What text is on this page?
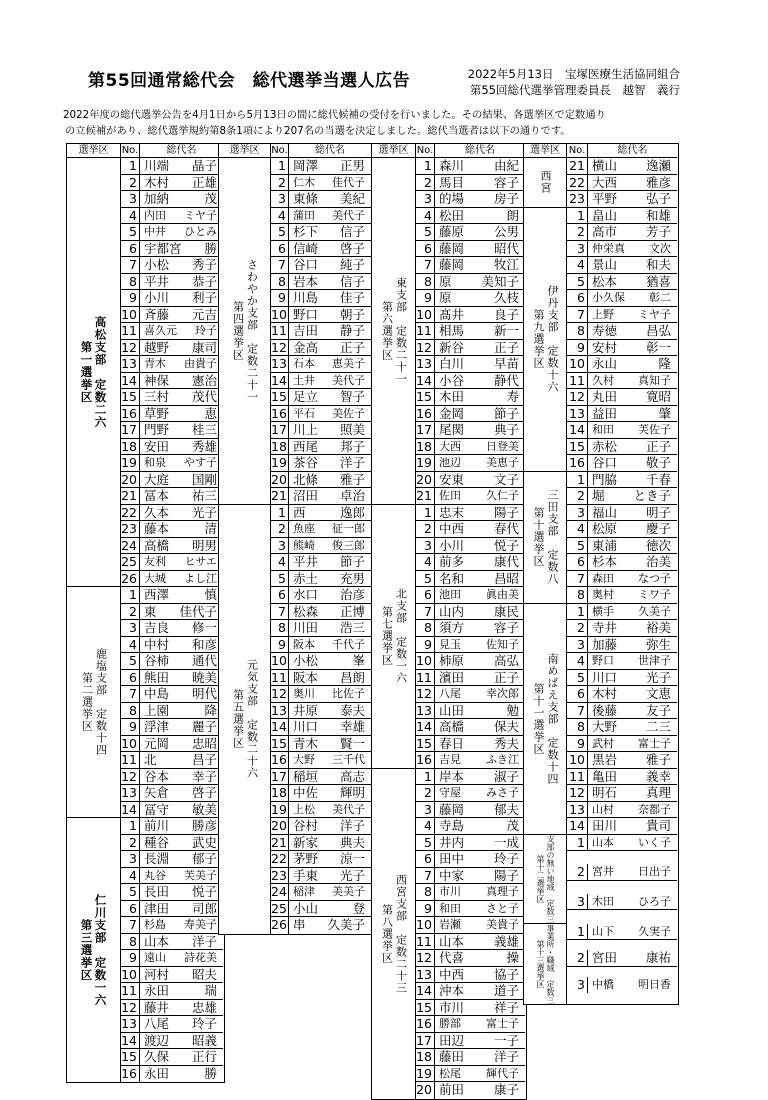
第55回通常総代会　総代選挙当選人広告	2022年5月13日　宝塚医療生活協同組合
第55回総代選挙管理委員長　越智　義行

2022年度の総代選挙公告を4月1日から5月13日の間に総代候補の受付を行いました。その結果、各選挙区で定数通り

の立候補があり、総代選挙規約第8条1項により207名の当選を決定しました。総代当選者は以下の通りです。

選挙区	No.	総代名
第一選挙区 高松支部　定数二六
1 川端 晶子
2 木村 正雄
3 加納	茂
4 内田 ミヤ子
5 中井 ひとみ
6 宇都宮 勝
7 小松 秀子
8 平井 恭子
9 小川 利子
10 斉藤 元吉
11 喜久元 玲子
12 越野 康司
13 青木 由貴子
14 神保 憲治
15 三村 茂代
16 草野	恵
17 門野 桂三
18 安田 秀雄
19 和泉 やす子
20 大庭 国剛
21 冨本 祐三
22 久本 光子
23 藤本	清
24 高橋 明男
25 友利 ヒサエ
26 大城 よし江
第二選挙区 鹿塩支部　定数十四
1 西澤	慎
2 東 佳代子
3 吉良 修一
4 中村 和彦
5 谷柿 通代
6 熊田 暁美
7 中島 明代
8 上園	降
9 浮津 麗子
10 元岡 忠昭
11 北	昌子
12 谷本 幸子
13 矢倉 啓子
14 冨守 敏美
第三選挙区 仁川支部　定数一六
1 前川 勝彦
2 種谷 武史
3 長淵 郁子
4 丸谷 芙美子
5 長田 悦子
6 津田 司郎
7 杉島 寿美子
8 山本 洋子
9 遠山 詩花美
10 河村 昭夫
11 永田	瑞
12 藤井 忠雄
13 八尾 玲子
14 渡辺 昭義
15 久保 正行
16 永田	勝
選挙区	No.	総代名
第四選挙区 さわやか支部　定数二十一
1 岡澤 正男
2 仁木 佳代子
3 東條 美紀
4 蒲田 美代子
5 杉下 信子
6 信崎 啓子
7 谷口 純子
8 岩本 信子
9 川島 佳子
10 野口 朝子
11 吉田 静子
12 金高 正子
13 石本 恵美子
14 土井 美代子
15 足立 智子
16 平石 美佐子
17 川上 照美
18 西尾 邦子
19 茶谷 洋子
20 北條 雅子
21 沼田 卓治
第五選挙区 元気支部　定数二十六
1 西	逸郎
2 魚座 征一郎
3 熊崎 俊三郎
4 平井 節子
5 赤土 充男
6 水口 治彦
7 松森 正博
8 川田 浩三
9 阪本 千代子
10 小松	峯
11 阪本 昌朗
12 奥川 比佐子
13 井原 泰夫
14 川口 幸雄
15 青木 賢一
16 大野 三千代
17 稲垣 高志
18 中佐 輝明
19 上松 美代子
20 谷村 洋子
21 新家 典夫
22 茅野 涼一
23 手東 光子
24 稲津 美美子
25 小山	登
26 串 久美子
選挙区 No.	総代名
第六選挙区 東支部　定数二十一
1 森川 由紀
2 馬目 容子
3 的場 房子
4 松田	朗
5 藤原 公男
6 藤岡 昭代
7 藤岡 牧江
8 原 美知子
9 原	久枝
10 髙井 良子
11 相馬 新一
12 新谷 正子
13 白川 早苗
14 小谷 静代
15 木田	寿
16 金岡 節子
17 尾関 典子
18 大西 日登美
19 池辺 美恵子
20 安東 文子
21 佐田 久仁子
第七選挙区 北支部　定数一六
1 忠末 陽子
2 中西 春代
3 小川 悦子
4 前多 康代
5 名和 昌昭
6 池田 眞由美
7 山内 康民
8 須方 容子
9 見玉 佐知子
10 柿原 高弘
11 濱田 正子
12 八尾 幸次郎
13 山田	勉
14 高橋 保夫
15 春日 秀夫
16 吉見 ふき江
第八選挙区 西宮支部　定数二十三
1 岸本 淑子
2 守屋 みさ子
3 藤岡 郁夫
4 寺島	茂
5 井内 一成
6 田中 玲子
7 中家 陽子
8 市川 真理子
9 和田 さと子
10 岩瀬 美貴子
11 山本 義雄
12 代喜	操
13 中西 協子
14 沖本 道子
15 市川 祥子
16 勝部 富士子
17 田辺 一子
18 藤田 洋子
19 松尾 輝代子
20 前田 康子
選挙区 No.	総代名
西宮
21 横山 逸瀬
22 大西 雅彦
23 平野 弘子
第九選挙区 伊丹支部　定数十六
1 畠山 和雄
2 高市 芳子
3 仲栄真 文次
4 景山 和夫
5 松本 猶喜
6 小久保 彰二
7 上野 ミヤ子
8 寿徳 昌弘
9 安村 彰一
10 永山	隆
11 久村 真知子
12 丸田 寛昭
13 益田	肇
14 和田 芙佐子
15 赤松 正子
16 谷口 敬子
第十選挙区 三田支部　定数八
1 門脇 千春
2 堀 とき子
3 福山 明子
4 松原 慶子
5 東浦 徳次
6 杉本 治美
7 森田 なつ子
8 奥村 ミワ子
第十一選挙区 南めばえ支部　定数十四
1 横手 久美子
2 寺井 裕美
3 加藤 弥生
4 野口 世津子
5 川口 光子
6 木村 文恵
7 後藤 友子
8 大野 二三
9 武村 富士子
10 黒岩 雅子
11 亀田 義幸
12 明石 真理
13 山村 奈都子
14 田川 貴司
第十二選挙区 支部の無い地域　定数三	1 山本 いく子
2 宮井 日出子
3 木田 ひろ子
第十三選挙区 事業所・職域　定数三	1 山下 久実子
2 宮田 康祐
3 中橋 明日香
